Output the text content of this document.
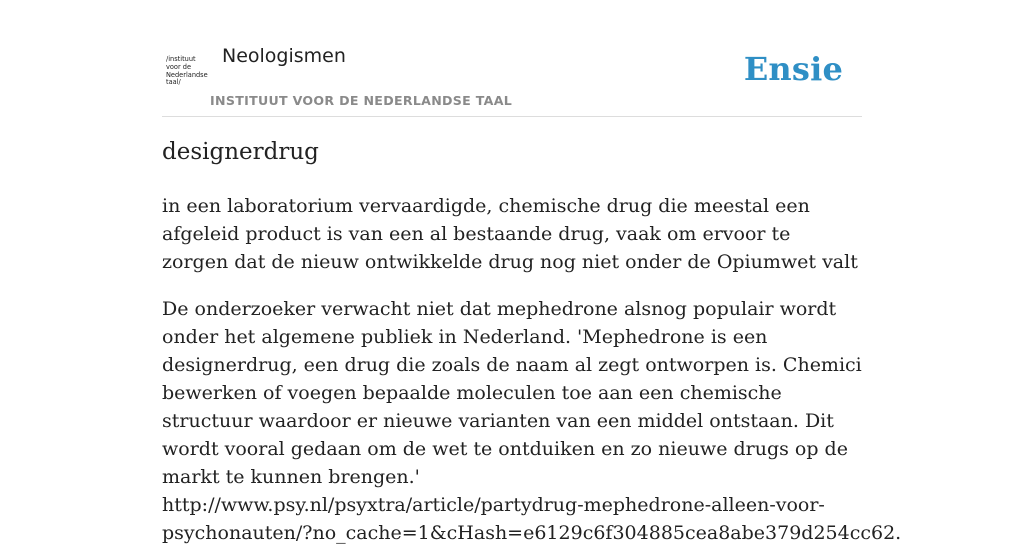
/instituut
voor de
Nederlandse
taal/
Neologismen
INSTITUUT VOOR DE NEDERLANDSE TAAL
Ensie
designerdrug

in een laboratorium vervaardigde, chemische drug die meestal een afgeleid product is van een al bestaande drug, vaak om ervoor te zorgen dat de nieuw ontwikkelde drug nog niet onder de Opiumwet valt

De onderzoeker verwacht niet dat mephedrone alsnog populair wordt onder het algemene publiek in Nederland. 'Mephedrone is een designerdrug, een drug die zoals de naam al zegt ontworpen is. Chemici bewerken of voegen bepaalde moleculen toe aan een chemische structuur waardoor er nieuwe varianten van een middel ontstaan. Dit wordt vooral gedaan om de wet te ontduiken en zo nieuwe drugs op de markt te kunnen brengen.'
http://www.psy.nl/psyxtra/article/partydrug-mephedrone-alleen-voor-
psychonauten/?no_cache=1&cHash=e6129c6f304885cea8abe379d254cc62.
